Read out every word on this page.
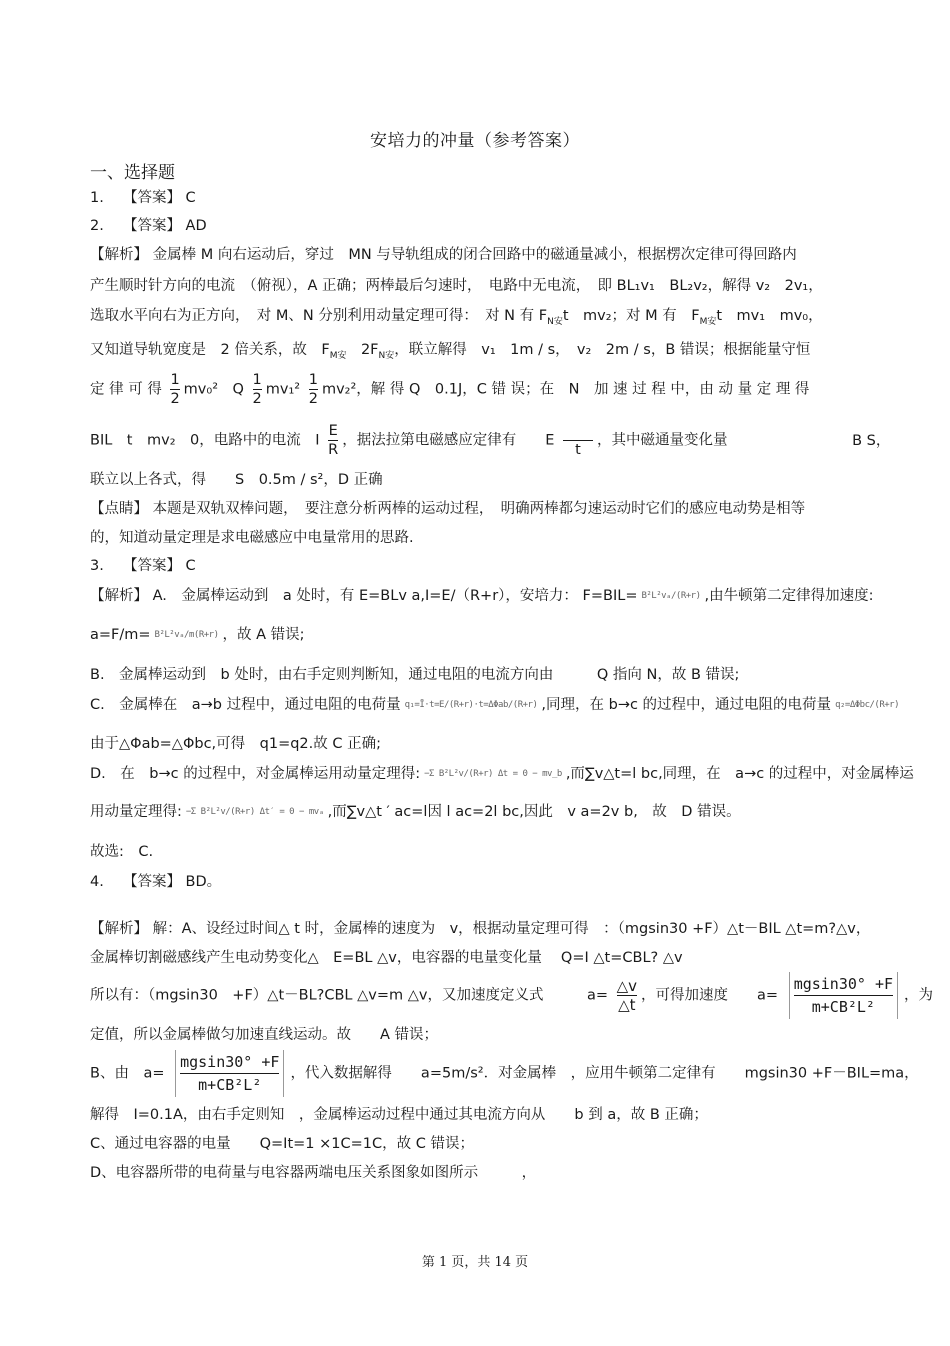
安培力的冲量（参考答案）
一、选择题
1.　 【答案】 C
2.　 【答案】 AD
【解析】 金属棒 M 向右运动后，穿过　MN 与导轨组成的闭合回路中的磁通量减小，根据楞次定律可得回路内
产生顺时针方向的电流　（俯视），A 正确；两棒最后匀速时，　电路中无电流，　即 BL₁v₁　BL₂v₂，解得 v₂　2v₁，
选取水平向右为正方向，　对 M、N 分别利用动量定理可得：　对 N 有 $F_{N安}t$　mv₂；对 M 有　$F_{M安}t$　mv₁　mv₀，
又知道导轨宽度是　2 倍关系，故　$F_{M安}$　$2F_{N安}$，联立解得　v₁　1m / s，　v₂　2m / s，B 错误；根据能量守恒
定 律 可 得 $\frac{1}{2} mv_0^2$　Q $\frac{1}{2} mv_1^2 \frac{1}{2} mv_2^2$，解 得 Q　0.1J，C 错 误；在　N　加 速 过 程 中，由 动 量 定 理 得
BIL　t　mv₂　0，电路中的电流　I $\frac{E}{R}$ ，据法拉第电磁感应定律有　　E

t
，其中磁通量变化量	B S，
联立以上各式，得　　S　0.5m / s²，D 正确
【点睛】 本题是双轨双棒问题，　要注意分析两棒的运动过程，　明确两棒都匀速运动时它们的感应电动势是相等
的，知道动量定理是求电磁感应中电量常用的思路.
3.　 【答案】 C
【解析】 A.　金属棒运动到　a 处时，有 E=BLv a,I=E/（R+r），安培力： F=BIL= B²L²vₐ/(R+r) ,由牛顿第二定律得加速度:
a=F/m= B²L²vₐ/m(R+r) ，故 A 错误;
B.　金属棒运动到　b 处时，由右手定则判断知，通过电阻的电流方向由　　　Q 指向 N，故 B 错误;
C.　金属棒在　a→b 过程中，通过电阻的电荷量 q₁=Ī·t=E/(R+r)·t=ΔΦab/(R+r) ,同理，在 b→c 的过程中，通过电阻的电荷量 q₂=ΔΦbc/(R+r)
由于△Φab=△Φbc,可得　q1=q2.故 C 正确;
D.　在　b→c 的过程中，对金属棒运用动量定理得: −Σ B²L²v/(R+r) Δt = 0 − mv_b ,而∑v△t=l bc,同理，在　a→c 的过程中，对金属棒运
用动量定理得: −Σ B²L²v/(R+r) Δt′ = 0 − mvₐ ,而∑v△t ′ ac=l因 l ac=2l bc,因此　v a=2v b,　故　D 错误。
故选:　C.
4.　 【答案】 BD。
【解析】 解：A、设经过时间△ t 时，金属棒的速度为　v，根据动量定理可得　：（mgsin30 +F）△t－BIL △t=m?△v，
金属棒切割磁感线产生电动势变化△　E=BL △v，电容器的电量变化量　 Q=I △t=CBL? △v
所以有：（mgsin30　+F）△t－BL?CBL △v=m △v，又加速度定义式　　　$a= \frac{\triangle v}{\triangle t}$ ，可得加速度　　$a= \frac{mgsin30^\circ +F}{\text{m+CB²L²}}$ ，为
定值，所以金属棒做匀加速直线运动。故　　A 错误；
B、由　$a= \frac{mgsin30^\circ +F}{\text{m+CB²L²}}$ ，代入数据解得　　a=5m/s²．对金属棒　，应用牛顿第二定律有　　mgsin30 +F－BIL=ma，
解得　I=0.1A，由右手定则知　，金属棒运动过程中通过其电流方向从　　b 到 a，故 B 正确；
C、通过电容器的电量　　Q=It=1 ×1C=1C，故 C 错误；
D、电容器所带的电荷量与电容器两端电压关系图象如图所示　　　，
第 1 页，共 14 页
